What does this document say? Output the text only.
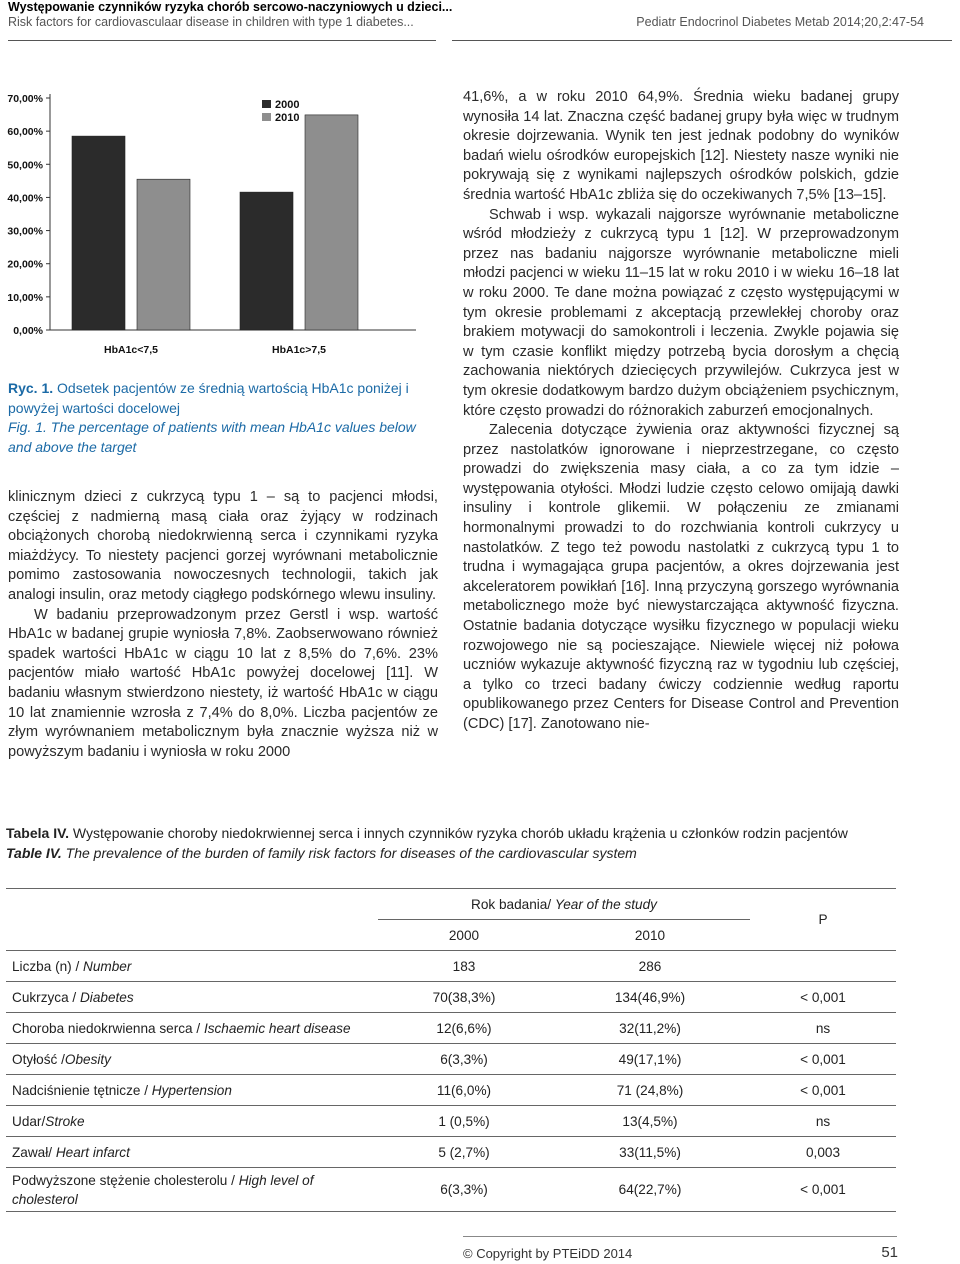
Występowanie czynników ryzyka chorób sercowo-naczyniowych u dzieci...
Risk factors for cardiovasculaar disease in children with type 1 diabetes...	Pediatr Endocrinol Diabetes Metab 2014;20,2:47-54
0,00%
10,00%
20,00%
30,00%
40,00%
50,00%
60,00%
70,00%
HbA1c<7,5	HbA1c>7,5
2000
2010

Ryc. 1. Odsetek pacjentów ze średnią wartością HbA1c poniżej i powyżej wartości docelowej

Fig. 1. The percentage of patients with mean HbA1c values below and above the target

klinicznym dzieci z cukrzycą typu 1 – są to pacjenci młodsi, częściej z nadmierną masą ciała oraz żyjący w rodzinach obciążonych chorobą niedokrwienną serca i czynnikami ryzyka miażdżycy. To niestety pacjenci gorzej wyrównani metabolicznie pomimo zastosowania nowoczesnych technologii, takich jak analogi insulin, oraz metody ciągłego podskórnego wlewu insuliny.

W badaniu przeprowadzonym przez Gerstl i wsp. wartość HbA1c w badanej grupie wyniosła 7,8%. Zaobserwowano również spadek wartości HbA1c w ciągu 10 lat z 8,5% do 7,6%. 23% pacjentów miało wartość HbA1c powyżej docelowej [11]. W badaniu własnym stwierdzono niestety, iż wartość HbA1c w ciągu 10 lat znamiennie wzrosła z 7,4% do 8,0%. Liczba pacjentów ze złym wyrównaniem metabolicznym była znacznie wyższa niż w powyższym badaniu i wyniosła w roku 2000

41,6%, a w roku 2010 64,9%. Średnia wieku badanej grupy wynosiła 14 lat. Znaczna część badanej grupy była więc w trudnym okresie dojrzewania. Wynik ten jest jednak podobny do wyników badań wielu ośrodków europejskich [12]. Niestety nasze wyniki nie pokrywają się z wynikami najlepszych ośrodków polskich, gdzie średnia wartość HbA1c zbliża się do oczekiwanych 7,5% [13–15].

Schwab i wsp. wykazali najgorsze wyrównanie metaboliczne wśród młodzieży z cukrzycą typu 1 [12]. W przeprowadzonym przez nas badaniu najgorsze wyrównanie metaboliczne mieli młodzi pacjenci w wieku 11–15 lat w roku 2010 i w wieku 16–18 lat w roku 2000. Te dane można powiązać z często występującymi w tym okresie problemami z akceptacją przewlekłej choroby oraz brakiem motywacji do samokontroli i leczenia. Zwykle pojawia się w tym czasie konflikt między potrzebą bycia dorosłym a chęcią zachowania niektórych dziecięcych przywilejów. Cukrzyca jest w tym okresie dodatkowym bardzo dużym obciążeniem psychicznym, które często prowadzi do różnorakich zaburzeń emocjonalnych.

Zalecenia dotyczące żywienia oraz aktywności fizycznej są przez nastolatków ignorowane i nieprzestrzegane, co często prowadzi do zwiększenia masy ciała, a co za tym idzie – występowania otyłości. Młodzi ludzie często celowo omijają dawki insuliny i kontrole glikemii. W połączeniu ze zmianami hormonalnymi prowadzi to do rozchwiania kontroli cukrzycy u nastolatków. Z tego też powodu nastolatki z cukrzycą typu 1 to trudna i wymagająca grupa pacjentów, a okres dojrzewania jest akceleratorem powikłań [16]. Inną przyczyną gorszego wyrównania metabolicznego może być niewystarczająca aktywność fizyczna. Ostatnie badania dotyczące wysiłku fizycznego w populacji wieku rozwojowego nie są pocieszające. Niewiele więcej niż połowa uczniów wykazuje aktywność fizyczną raz w tygodniu lub częściej, a tylko co trzeci badany ćwiczy codziennie według raportu opublikowanego przez Centers for Disease Control and Prevention (CDC) [17]. Zanotowano nie-

Tabela IV. Występowanie choroby niedokrwiennej serca i innych czynników ryzyka chorób układu krążenia u członków rodzin pacjentów
Table IV. The prevalence of the burden of family risk factors for diseases of the cardiovascular system
	Rok badania/ Year of the study		P
	2000	2010	
Liczba (n) / Number	183	286	
Cukrzyca / Diabetes	70(38,3%)	134(46,9%)	< 0,001
Choroba niedokrwienna serca / Ischaemic heart disease	12(6,6%)	32(11,2%)	ns
Otyłość /Obesity	6(3,3%)	49(17,1%)	< 0,001
Nadciśnienie tętnicze / Hypertension	11(6,0%)	71 (24,8%)	< 0,001
Udar/Stroke	1 (0,5%)	13(4,5%)	ns
Zawał/ Heart infarct	5 (2,7%)	33(11,5%)	0,003
Podwyższone stężenie cholesterolu / High level of cholesterol	6(3,3%)	64(22,7%)	< 0,001
© Copyright by PTEiDD 2014	51
